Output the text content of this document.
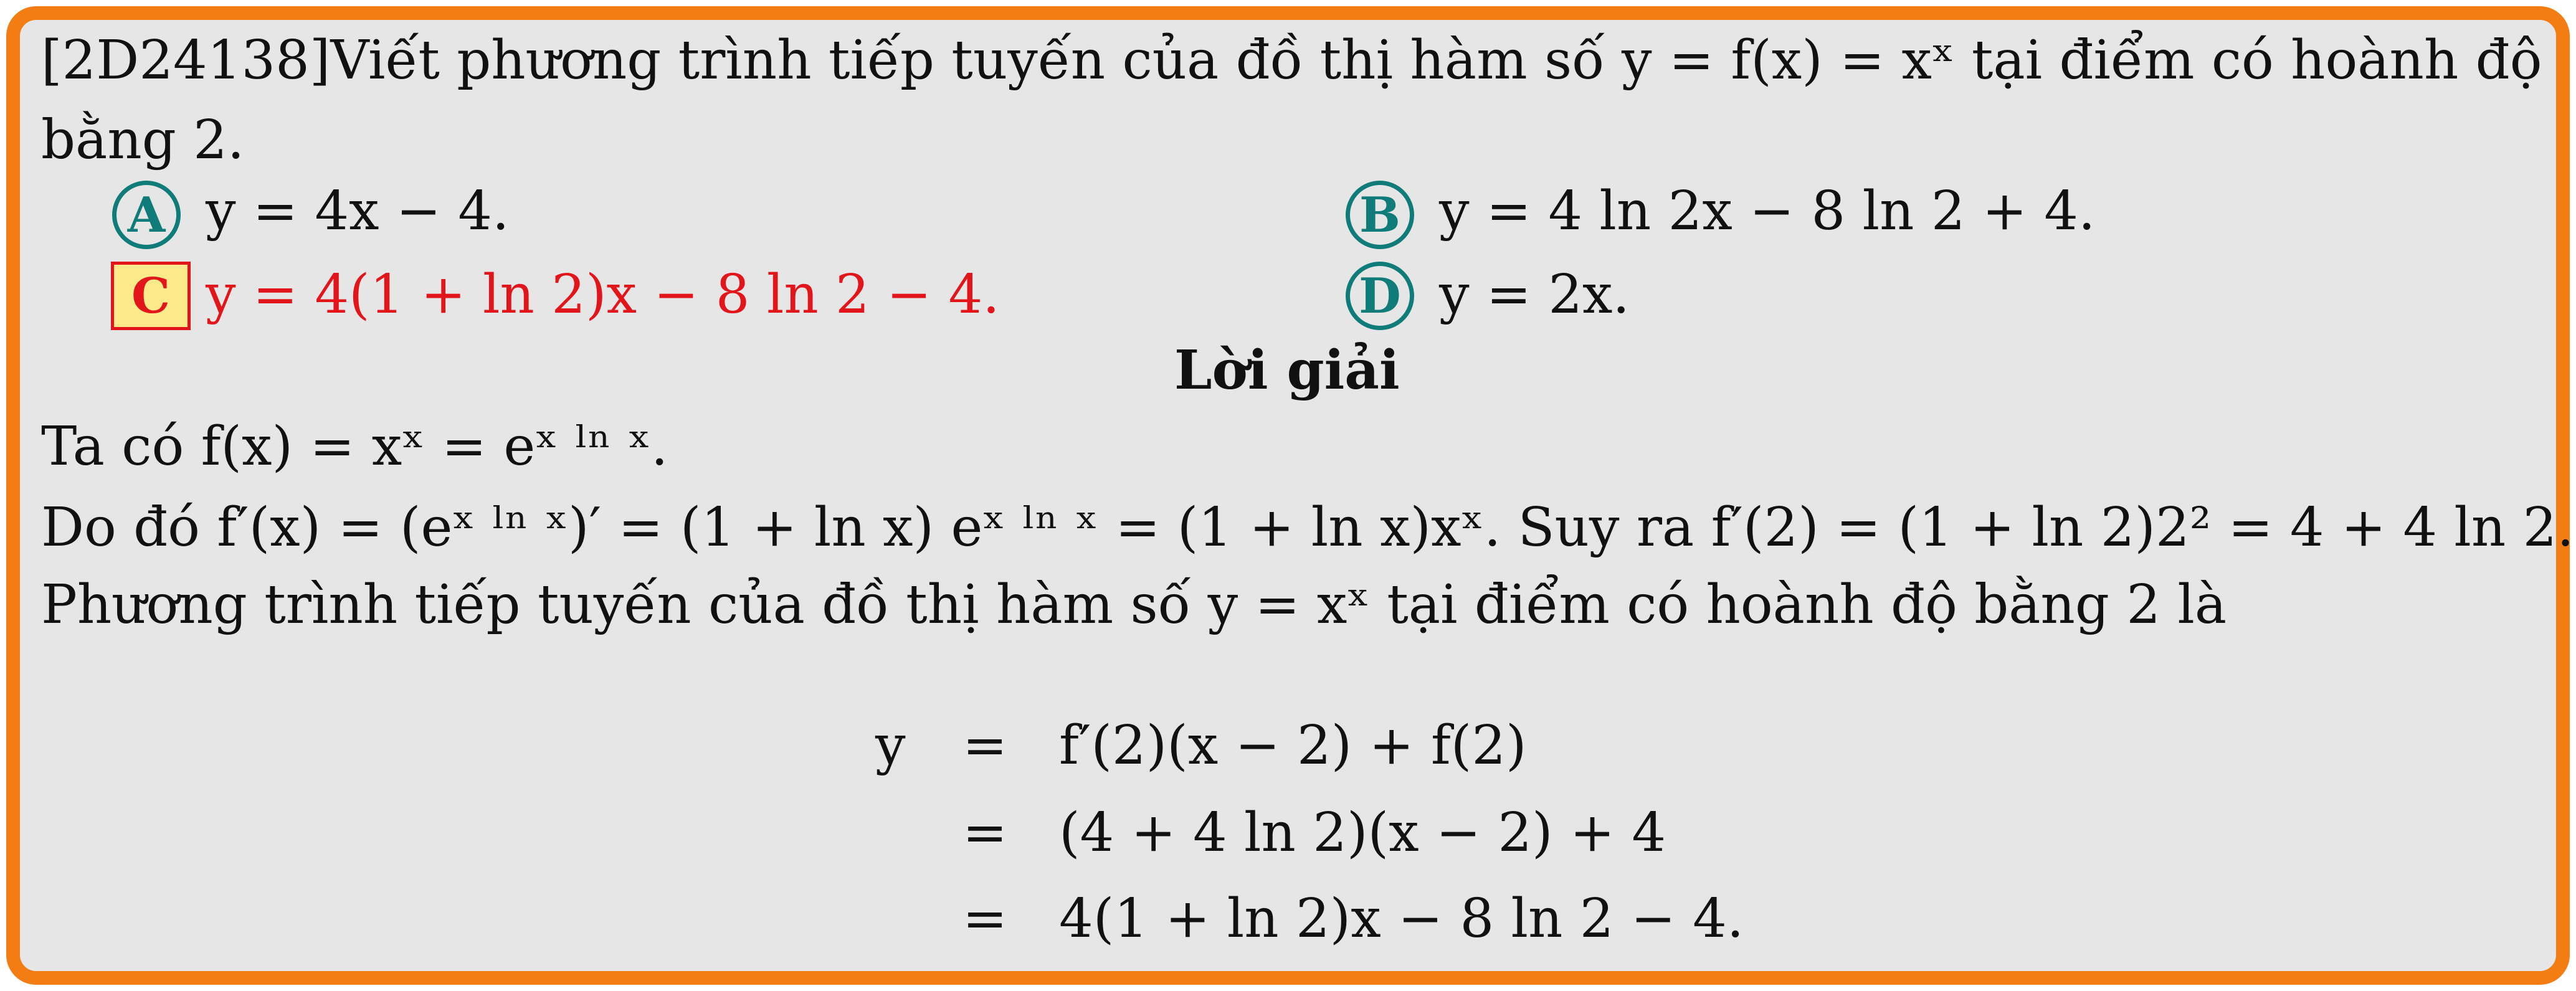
[2D24138]Viết phương trình tiếp tuyến của đồ thị hàm số y = f(x) = xˣ tại điểm có hoành độ
bằng 2.
A y = 4x − 4.	B y = 4 ln 2x − 8 ln 2 + 4.
C y = 4(1 + ln 2)x − 8 ln 2 − 4.	D y = 2x.
Lời giải
Ta có f(x) = xˣ = eˣ ˡⁿ ˣ.
Do đó f′(x) = (eˣ ˡⁿ ˣ)′ = (1 + ln x) eˣ ˡⁿ ˣ = (1 + ln x)xˣ. Suy ra f′(2) = (1 + ln 2)2² = 4 + 4 ln 2.
Phương trình tiếp tuyến của đồ thị hàm số y = xˣ tại điểm có hoành độ bằng 2 là
y = f′(2)(x − 2) + f(2)
= (4 + 4 ln 2)(x − 2) + 4
= 4(1 + ln 2)x − 8 ln 2 − 4.
